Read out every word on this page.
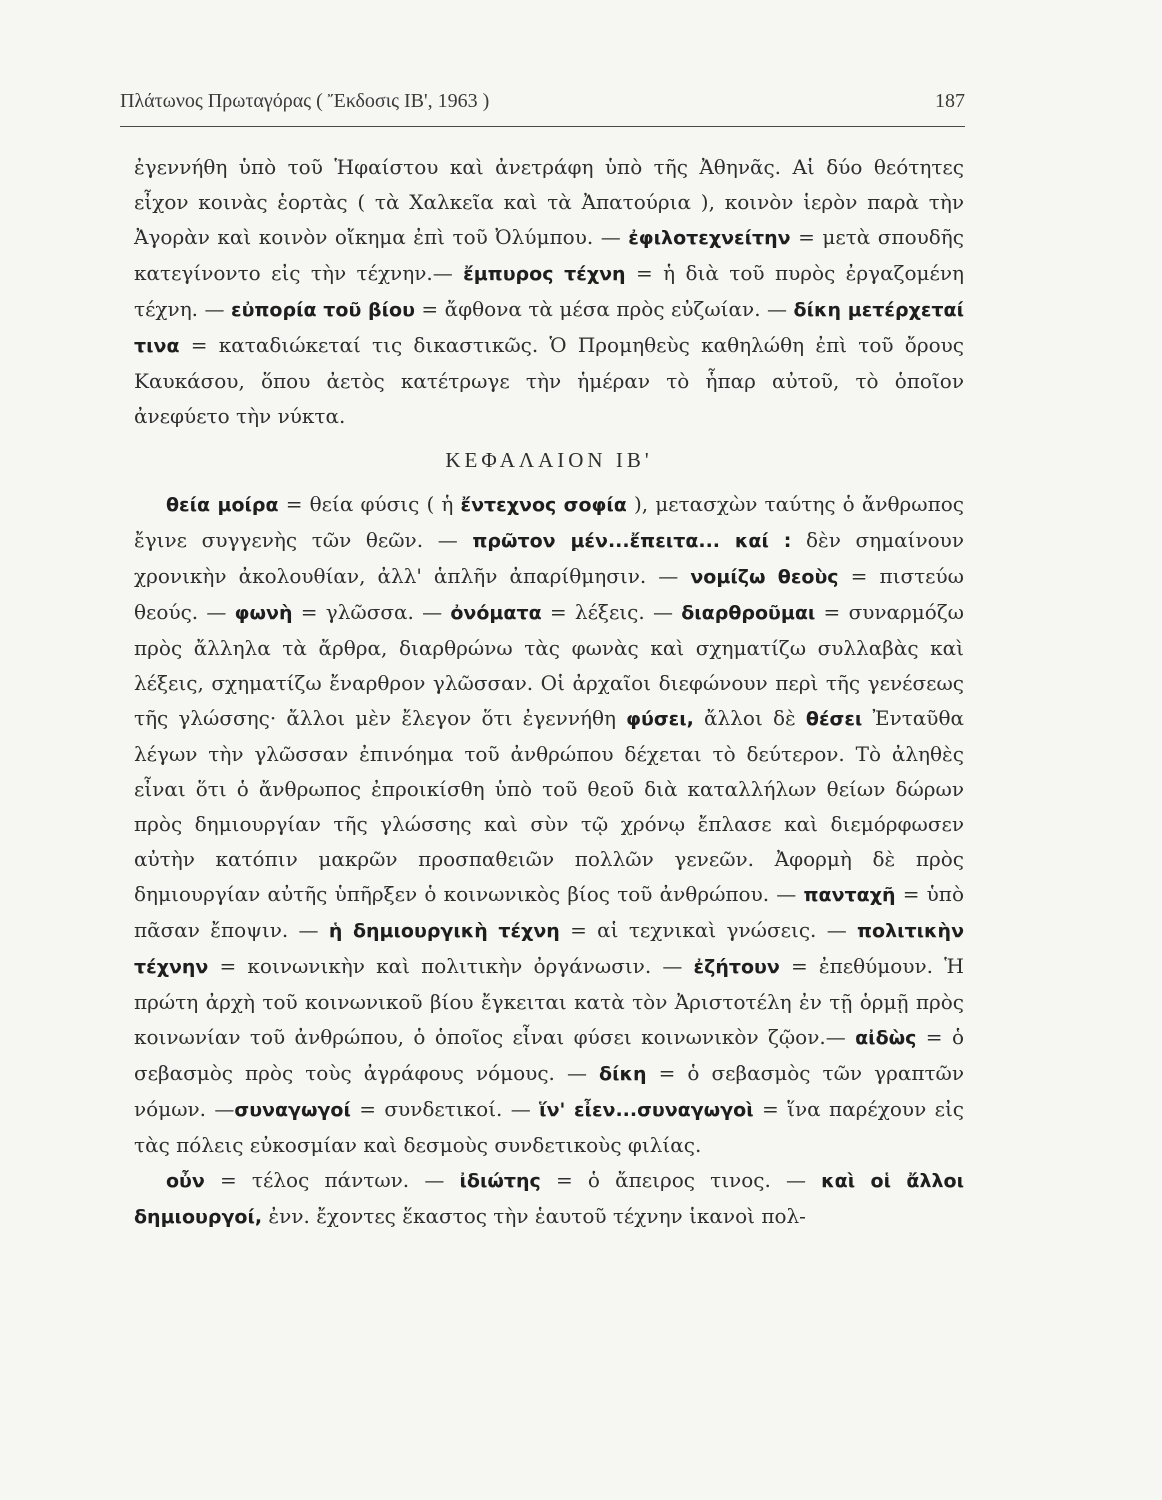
Πλάτωνος Πρωταγόρας ( Ἔκδοσις ΙΒ', 1963 )	187

ἐγεννήθη ὑπὸ τοῦ Ἡφαίστου καὶ ἀνετράφη ὑπὸ τῆς Ἀθηνᾶς. Αἱ δύο θεότητες εἶχον κοινὰς ἑορτὰς ( τὰ Χαλκεῖα καὶ τὰ Ἀπατούρια ), κοινὸν ἱερὸν παρὰ τὴν Ἀγορὰν καὶ κοινὸν οἴκημα ἐπὶ τοῦ Ὀλύμπου. — ἐφιλοτεχνείτην = μετὰ σπουδῆς κατεγίνοντο εἰς τὴν τέχνην.— ἔμπυρος τέχνη = ἡ διὰ τοῦ πυρὸς ἐργαζομένη τέχνη. — εὐπορία τοῦ βίου = ἄφθονα τὰ μέσα πρὸς εὐζωίαν. — δίκη μετέρχεταί τινα = καταδιώκεταί τις δικαστικῶς. Ὁ Προμηθεὺς καθηλώθη ἐπὶ τοῦ ὄρους Καυκάσου, ὅπου ἀετὸς κατέτρωγε τὴν ἡμέραν τὸ ἧπαρ αὐτοῦ, τὸ ὁποῖον ἀνεφύετο τὴν νύκτα.

ΚΕΦΑΛΑΙΟΝ ΙΒ'

θεία μοίρα = θεία φύσις ( ἡ ἔντεχνος σοφία ), μετασχὼν ταύτης ὁ ἄνθρωπος ἔγινε συγγενὴς τῶν θεῶν. — πρῶτον μέν...ἔπειτα... καί : δὲν σημαίνουν χρονικὴν ἀκολουθίαν, ἀλλ' ἁπλῆν ἀπαρίθμησιν. — νομίζω θεοὺς = πιστεύω θεούς. — φωνὴ = γλῶσσα. — ὀνόματα = λέξεις. — διαρθροῦμαι = συναρμόζω πρὸς ἄλληλα τὰ ἄρθρα, διαρθρώνω τὰς φωνὰς καὶ σχηματίζω συλλαβὰς καὶ λέξεις, σχηματίζω ἔναρθρον γλῶσσαν. Οἱ ἀρχαῖοι διεφώνουν περὶ τῆς γενέσεως τῆς γλώσσης· ἄλλοι μὲν ἔλεγον ὅτι ἐγεννήθη φύσει, ἄλλοι δὲ θέσει Ἐνταῦθα λέγων τὴν γλῶσσαν ἐπινόημα τοῦ ἀνθρώπου δέχεται τὸ δεύτερον. Τὸ ἀληθὲς εἶναι ὅτι ὁ ἄνθρωπος ἐπροικίσθη ὑπὸ τοῦ θεοῦ διὰ καταλλήλων θείων δώρων πρὸς δημιουργίαν τῆς γλώσσης καὶ σὺν τῷ χρόνῳ ἔπλασε καὶ διεμόρφωσεν αὐτὴν κατόπιν μακρῶν προσπαθειῶν πολλῶν γενεῶν. Ἀφορμὴ δὲ πρὸς δημιουργίαν αὐτῆς ὑπῆρξεν ὁ κοινωνικὸς βίος τοῦ ἀνθρώπου. — πανταχῆ = ὑπὸ πᾶσαν ἔποψιν. — ἡ δημιουργικὴ τέχνη = αἱ τεχνικαὶ γνώσεις. — πολιτικὴν τέχνην = κοινωνικὴν καὶ πολιτικὴν ὀργάνωσιν. — ἐζήτουν = ἐπεθύμουν. Ἡ πρώτη ἀρχὴ τοῦ κοινωνικοῦ βίου ἔγκειται κατὰ τὸν Ἀριστοτέλη ἐν τῇ ὁρμῇ πρὸς κοινωνίαν τοῦ ἀνθρώπου, ὁ ὁποῖος εἶναι φύσει κοινωνικὸν ζῷον.— αἰδὼς = ὁ σεβασμὸς πρὸς τοὺς ἀγράφους νόμους. — δίκη = ὁ σεβασμὸς τῶν γραπτῶν νόμων. —συναγωγοί = συνδετικοί. — ἵν' εἶεν...συναγωγοὶ = ἵνα παρέχουν εἰς τὰς πόλεις εὐκοσμίαν καὶ δεσμοὺς συνδετικοὺς φιλίας.

οὖν = τέλος πάντων. — ἰδιώτης = ὁ ἄπειρος τινος. — καὶ οἱ ἄλλοι δημιουργοί, ἐνν. ἔχοντες ἕκαστος τὴν ἑαυτοῦ τέχνην ἱκανοὶ πολ-
